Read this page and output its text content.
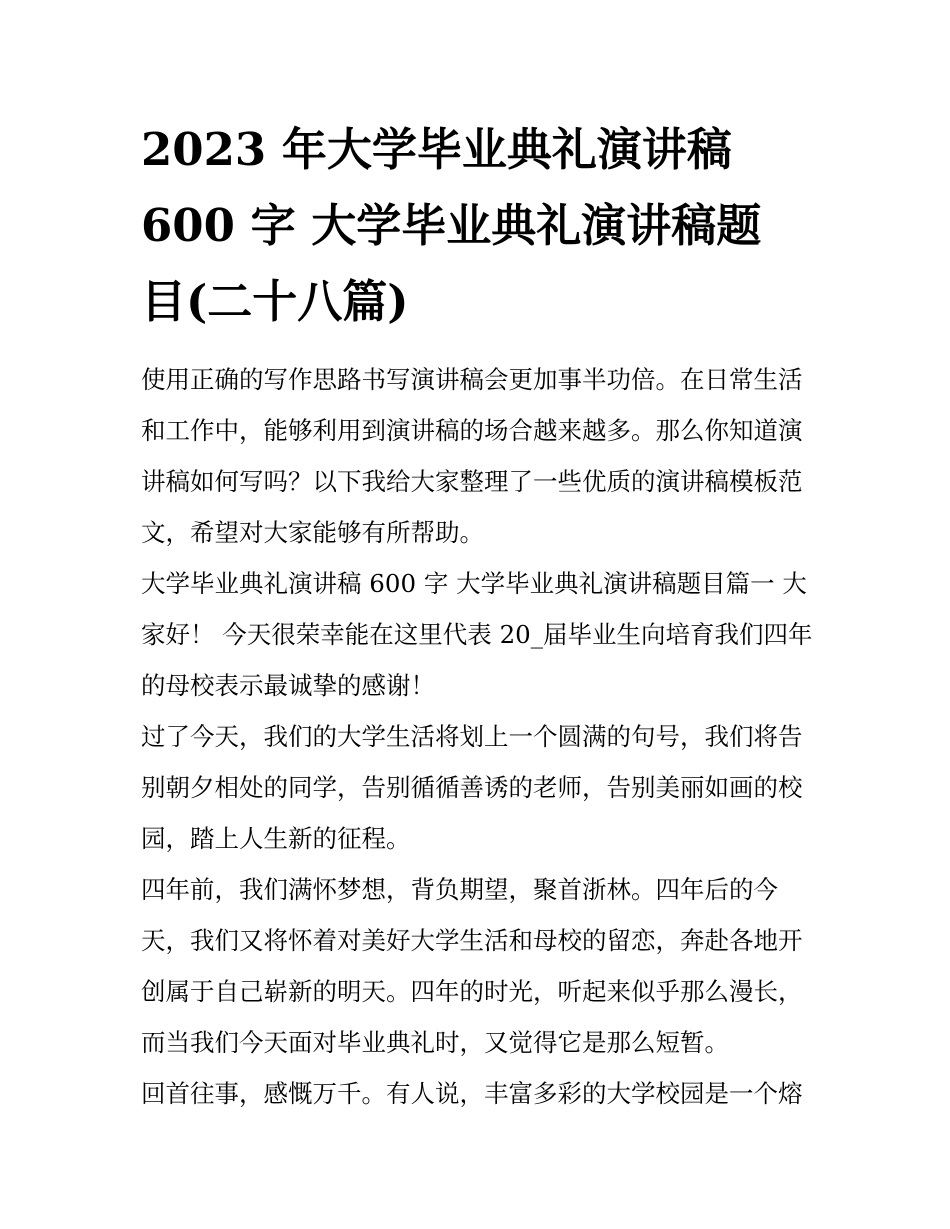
2023 年大学毕业典礼演讲稿
600 字 大学毕业典礼演讲稿题
目(二十八篇)

使用正确的写作思路书写演讲稿会更加事半功倍。在日常生活
和工作中，能够利用到演讲稿的场合越来越多。那么你知道演
讲稿如何写吗？以下我给大家整理了一些优质的演讲稿模板范
文，希望对大家能够有所帮助。

大学毕业典礼演讲稿 600 字 大学毕业典礼演讲稿题目篇一 大
家好！ 今天很荣幸能在这里代表 20_届毕业生向培育我们四年
的母校表示最诚挚的感谢！

过了今天，我们的大学生活将划上一个圆满的句号，我们将告
别朝夕相处的同学，告别循循善诱的老师，告别美丽如画的校
园，踏上人生新的征程。

四年前，我们满怀梦想，背负期望，聚首浙林。四年后的今
天，我们又将怀着对美好大学生活和母校的留恋，奔赴各地开
创属于自己崭新的明天。四年的时光，听起来似乎那么漫长，
而当我们今天面对毕业典礼时，又觉得它是那么短暂。

回首往事，感慨万千。有人说，丰富多彩的大学校园是一个熔
